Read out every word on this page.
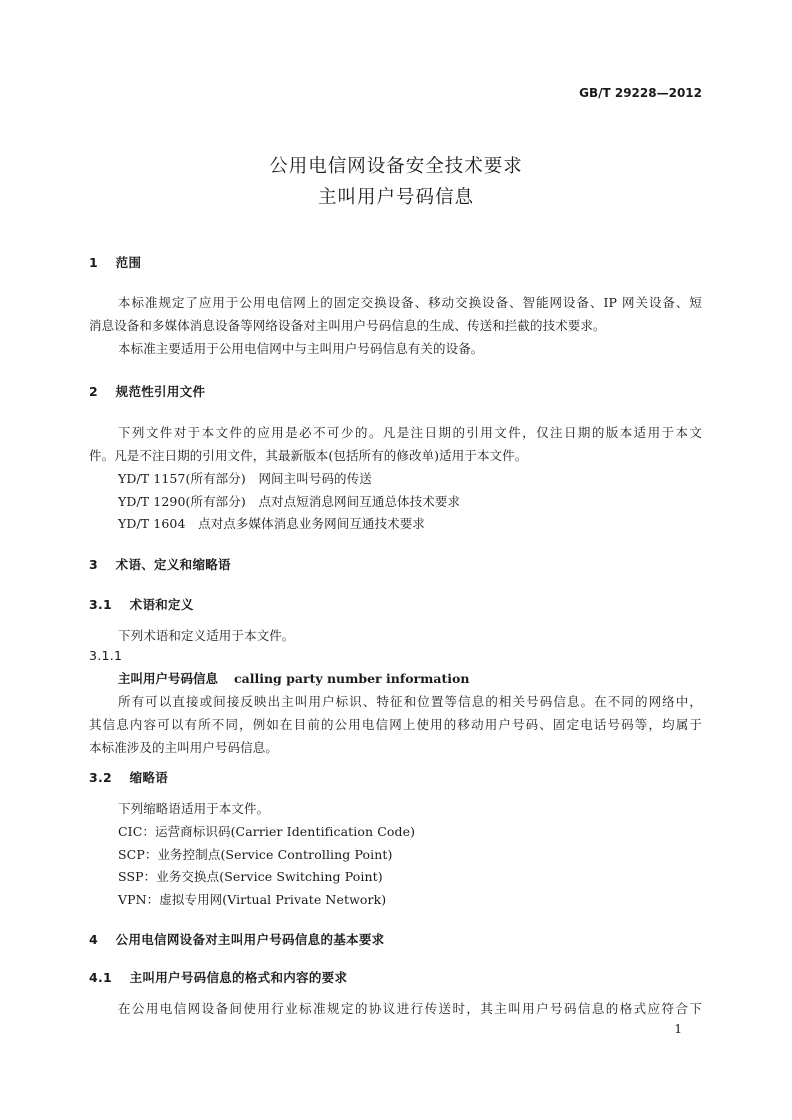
GB/T 29228—2012
公用电信网设备安全技术要求
主叫用户号码信息
1 范围
本标准规定了应用于公用电信网上的固定交换设备、移动交换设备、智能网设备、IP 网关设备、短
消息设备和多媒体消息设备等网络设备对主叫用户号码信息的生成、传送和拦截的技术要求。
本标准主要适用于公用电信网中与主叫用户号码信息有关的设备。
2 规范性引用文件
下列文件对于本文件的应用是必不可少的。凡是注日期的引用文件，仅注日期的版本适用于本文
件。凡是不注日期的引用文件，其最新版本(包括所有的修改单)适用于本文件。
YD/T 1157(所有部分)　网间主叫号码的传送
YD/T 1290(所有部分)　点对点短消息网间互通总体技术要求
YD/T 1604　点对点多媒体消息业务网间互通技术要求
3 术语、定义和缩略语
3.1 术语和定义
下列术语和定义适用于本文件。
3.1.1
主叫用户号码信息 calling party number information
所有可以直接或间接反映出主叫用户标识、特征和位置等信息的相关号码信息。在不同的网络中，
其信息内容可以有所不同，例如在目前的公用电信网上使用的移动用户号码、固定电话号码等，均属于
本标准涉及的主叫用户号码信息。
3.2 缩略语
下列缩略语适用于本文件。
CIC：运营商标识码(Carrier Identification Code)
SCP：业务控制点(Service Controlling Point)
SSP：业务交换点(Service Switching Point)
VPN：虚拟专用网(Virtual Private Network)
4 公用电信网设备对主叫用户号码信息的基本要求
4.1 主叫用户号码信息的格式和内容的要求
在公用电信网设备间使用行业标准规定的协议进行传送时，其主叫用户号码信息的格式应符合下
1
